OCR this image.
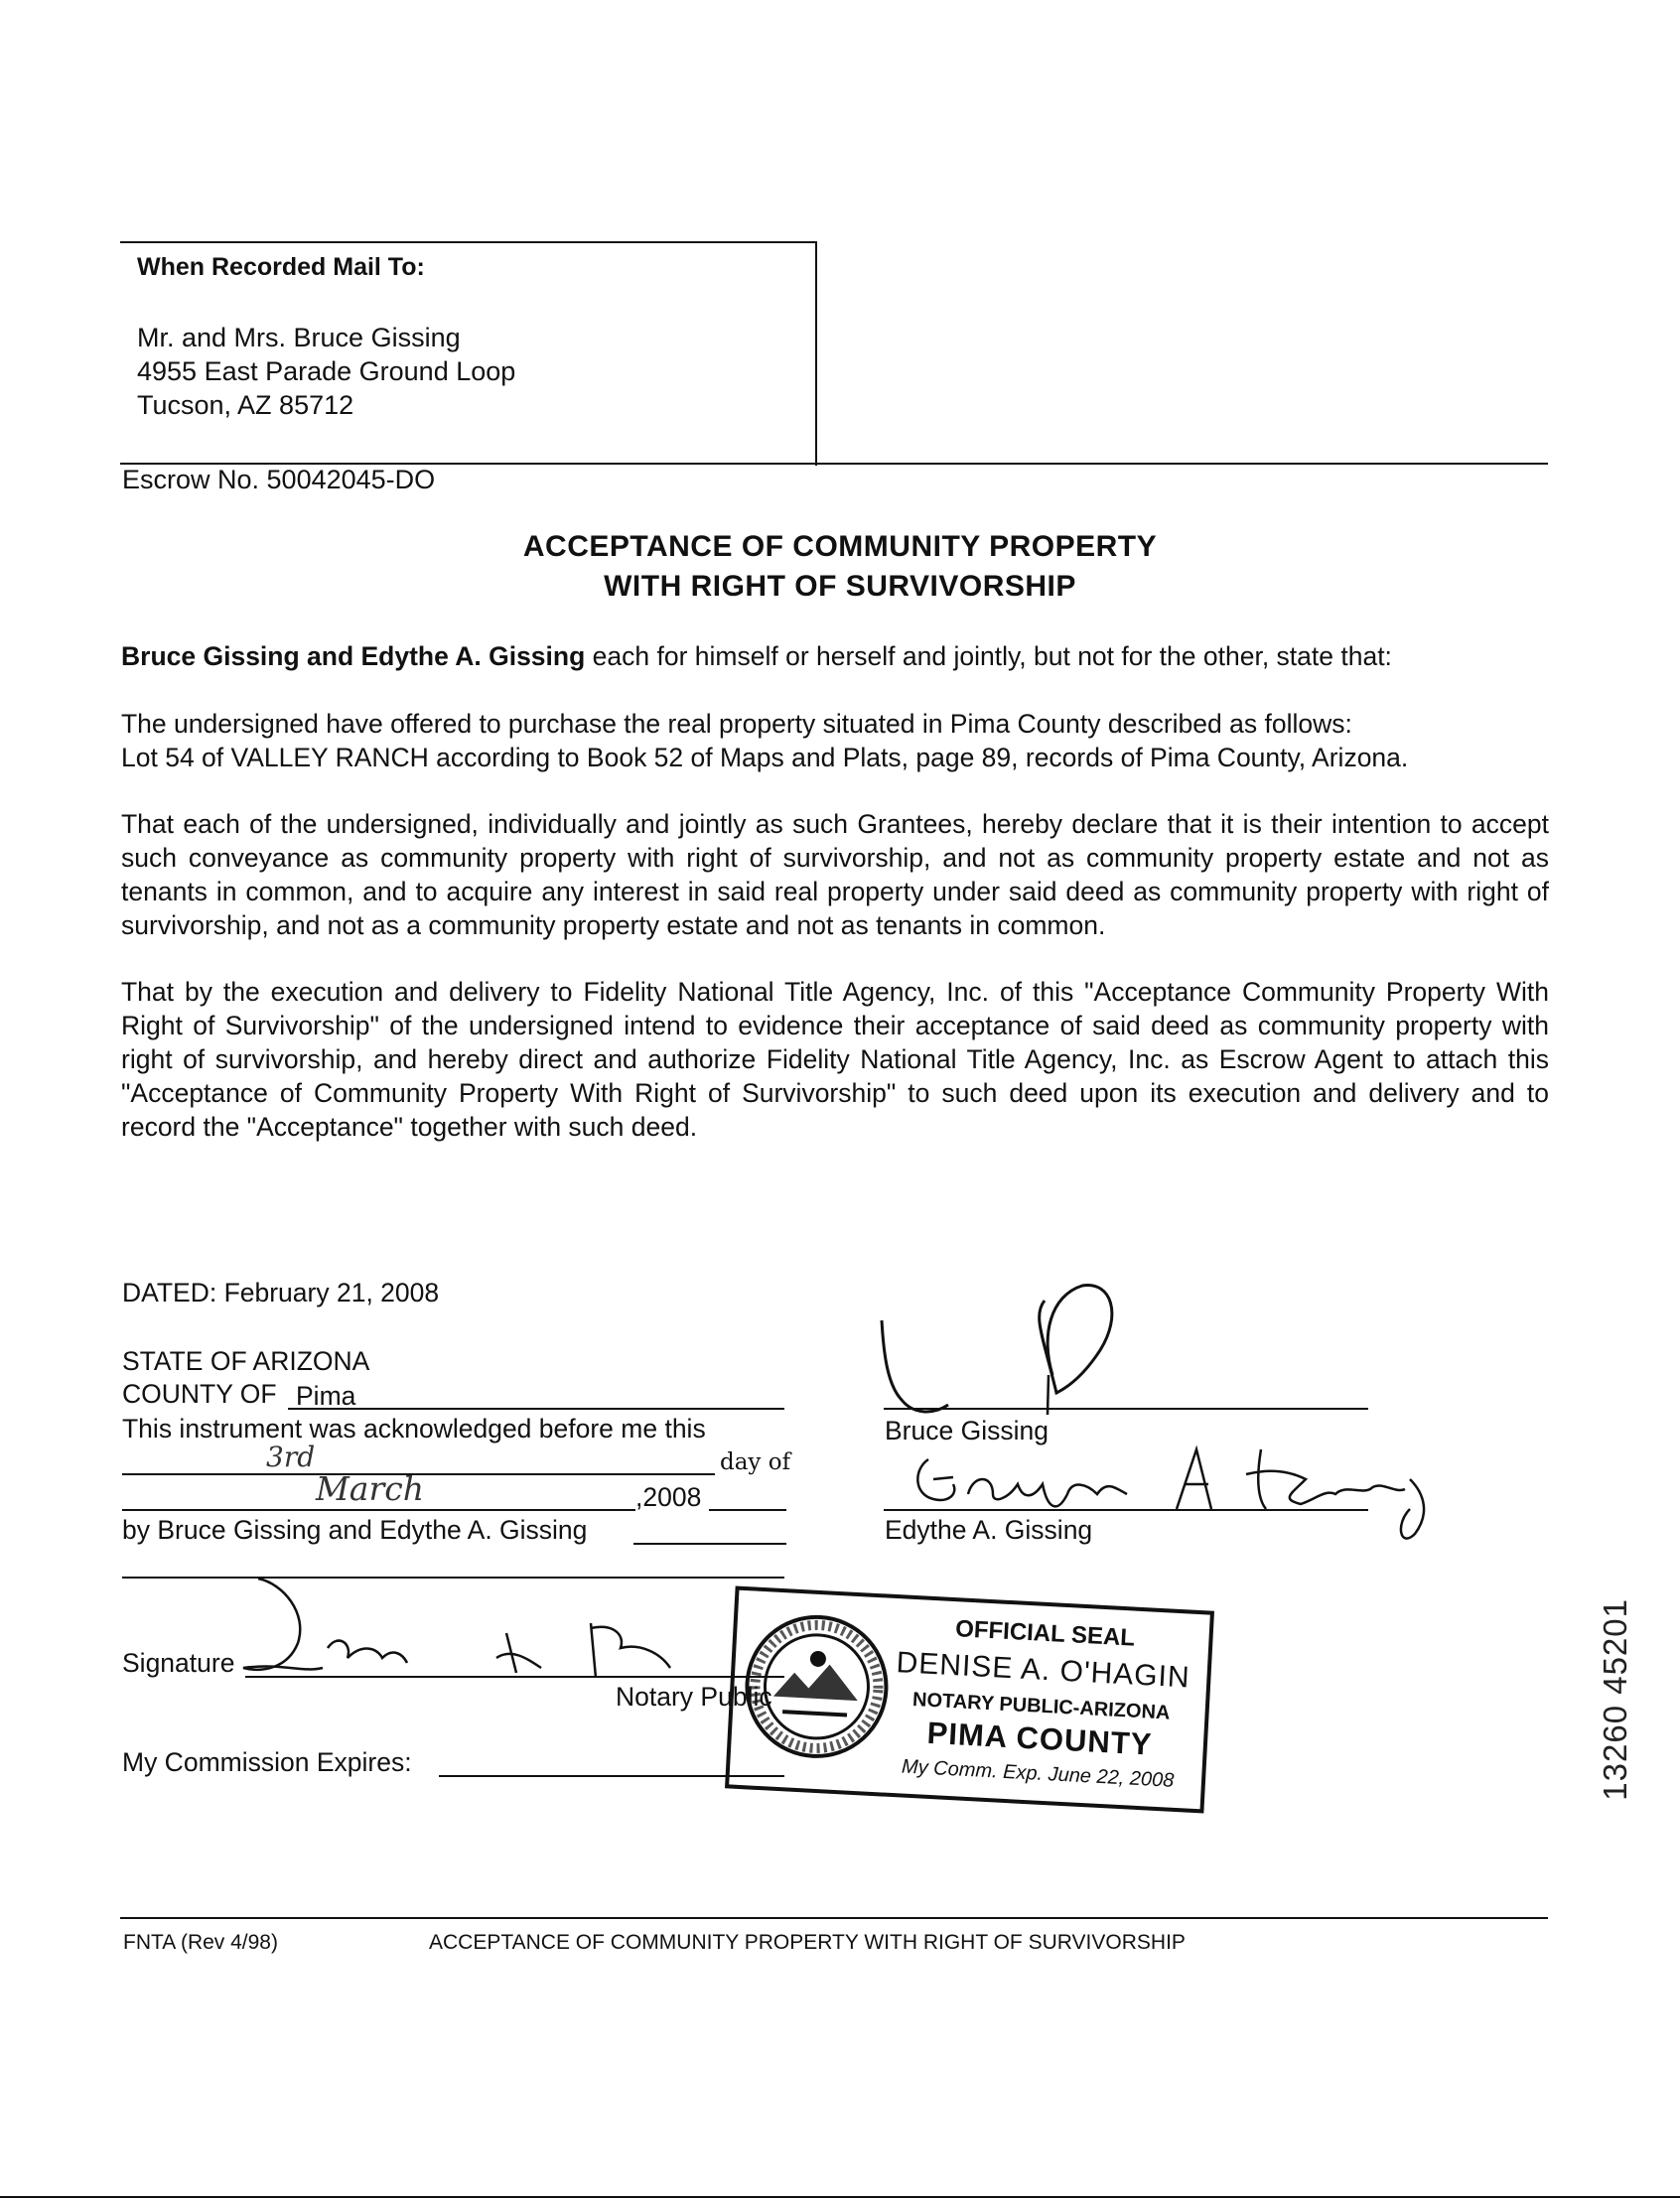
When Recorded Mail To:
Mr. and Mrs. Bruce Gissing
4955 East Parade Ground Loop
Tucson, AZ 85712
Escrow No. 50042045-DO
ACCEPTANCE OF COMMUNITY PROPERTY
WITH RIGHT OF SURVIVORSHIP
Bruce Gissing and Edythe A. Gissing each for himself or herself and jointly, but not for the other, state that:
The undersigned have offered to purchase the real property situated in Pima County described as follows:
Lot 54 of VALLEY RANCH according to Book 52 of Maps and Plats, page 89, records of Pima County, Arizona.

That each of the undersigned, individually and jointly as such Grantees, hereby declare that it is their intention to accept such conveyance as community property with right of survivorship, and not as community property estate and not as tenants in common, and to acquire any interest in said real property under said deed as community property with right of survivorship, and not as a community property estate and not as tenants in common.

That by the execution and delivery to Fidelity National Title Agency, Inc. of this "Acceptance Community Property With Right of Survivorship" of the undersigned intend to evidence their acceptance of said deed as community property with right of survivorship, and hereby direct and authorize Fidelity National Title Agency, Inc. as Escrow Agent to attach this "Acceptance of Community Property With Right of Survivorship" to such deed upon its execution and delivery and to record the "Acceptance" together with such deed.

DATED: February 21, 2008
STATE OF ARIZONA
COUNTY OF Pima
This instrument was acknowledged before me this
day of
3rd
March	,2008
by Bruce Gissing and Edythe A. Gissing
Signature
Notary Public
My Commission Expires:
Bruce Gissing
Edythe A. Gissing
OFFICIAL SEAL
DENISE A. O'HAGIN
NOTARY PUBLIC-ARIZONA
PIMA COUNTY
My Comm. Exp. June 22, 2008	13260 45201
FNTA (Rev 4/98)	ACCEPTANCE OF COMMUNITY PROPERTY WITH RIGHT OF SURVIVORSHIP
